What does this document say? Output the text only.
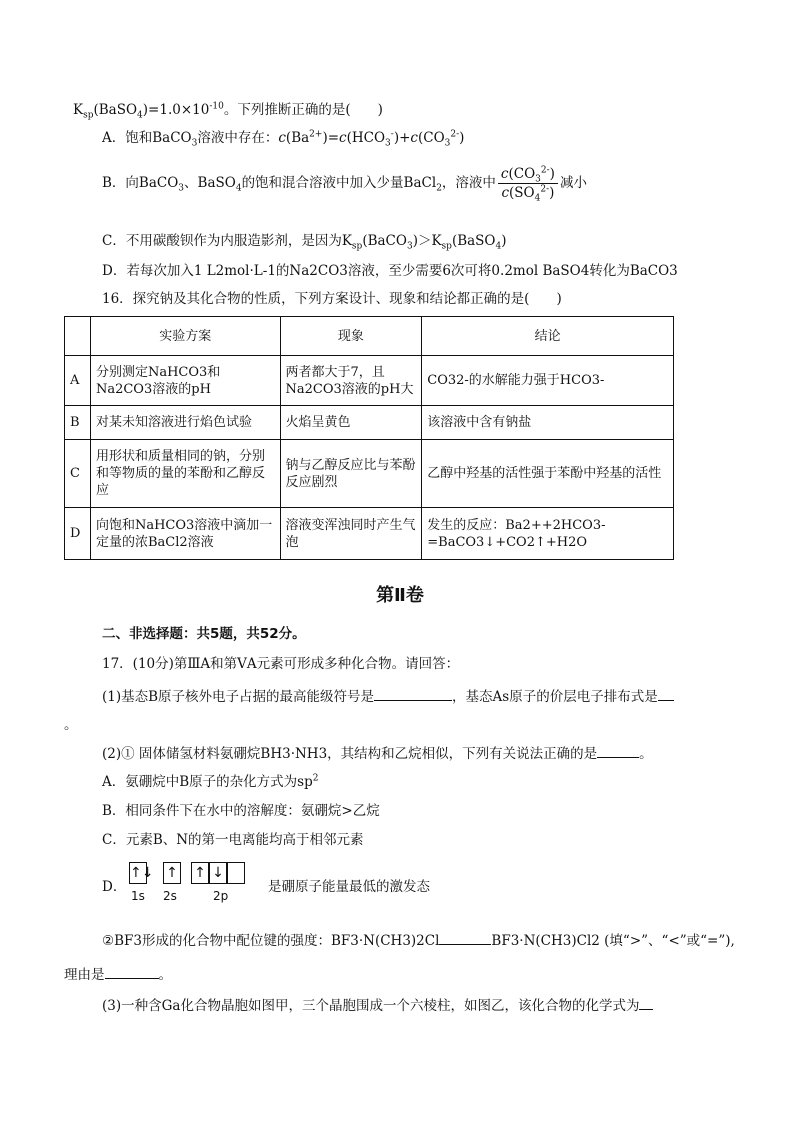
$K_{sp}(BaSO_4)=1.0\times 10^{-10}$。下列推断正确的是(　　)
A．饱和BaCO$_3$溶液中存在：$c(Ba^{2+})=c(HCO_3^-)+c(CO_3^{2-})$
B．向BaCO$_3$、BaSO$_4$的饱和混合溶液中加入少量BaCl$_2$，溶液中 $\frac{c(CO_3^{2-})}{c(SO_4^{2-})}$ 减小
C．不用碳酸钡作为内服造影剂，是因为$K_{sp}(BaCO_3)>K_{sp}(BaSO_4)$
D．若每次加入1 L2mol·L-1的Na2CO3溶液，至少需要6次可将0.2mol BaSO4转化为BaCO3
16．探究钠及其化合物的性质，下列方案设计、现象和结论都正确的是(　　)
	实验方案	现象	结论
A	分别测定NaHCO3和Na2CO3溶液的pH	两者都大于7，且Na2CO3溶液的pH大	CO32-的水解能力强于HCO3-
B	对某未知溶液进行焰色试验	火焰呈黄色	该溶液中含有钠盐
C	用形状和质量相同的钠，分别和等物质的量的苯酚和乙醇反应	钠与乙醇反应比与苯酚反应剧烈	乙醇中羟基的活性强于苯酚中羟基的活性
D	向饱和NaHCO3溶液中滴加一定量的浓BaCl2溶液	溶液变浑浊同时产生气泡	发生的反应：Ba2++2HCO3-=BaCO3↓+CO2↑+H2O
第Ⅱ卷
二、非选择题：共5题，共52分。
17．(10分)第ⅢA和第ⅤA元素可形成多种化合物。请回答：
(1)基态B原子核外电子占据的最高能级符号是	，基态As原子的价层电子排布式是
。
(2)① 固体储氢材料氨硼烷BH3·NH3，其结构和乙烷相似，下列有关说法正确的是	。
A．氨硼烷中B原子的杂化方式为$sp^2$
B．相同条件下在水中的溶解度：氨硼烷>乙烷
C．元素B、N的第一电离能均高于相邻元素
D．
↑↓ ↑ ↑ ↓
1s 2s	2p
是硼原子能量最低的激发态
②BF3形成的化合物中配位键的强度：BF3·N(CH3)2Cl	BF3·N(CH3)Cl2 (填“>”、“<”或“=”),
理由是	。
(3)一种含Ga化合物晶胞如图甲，三个晶胞围成一个六棱柱，如图乙，该化合物的化学式为
